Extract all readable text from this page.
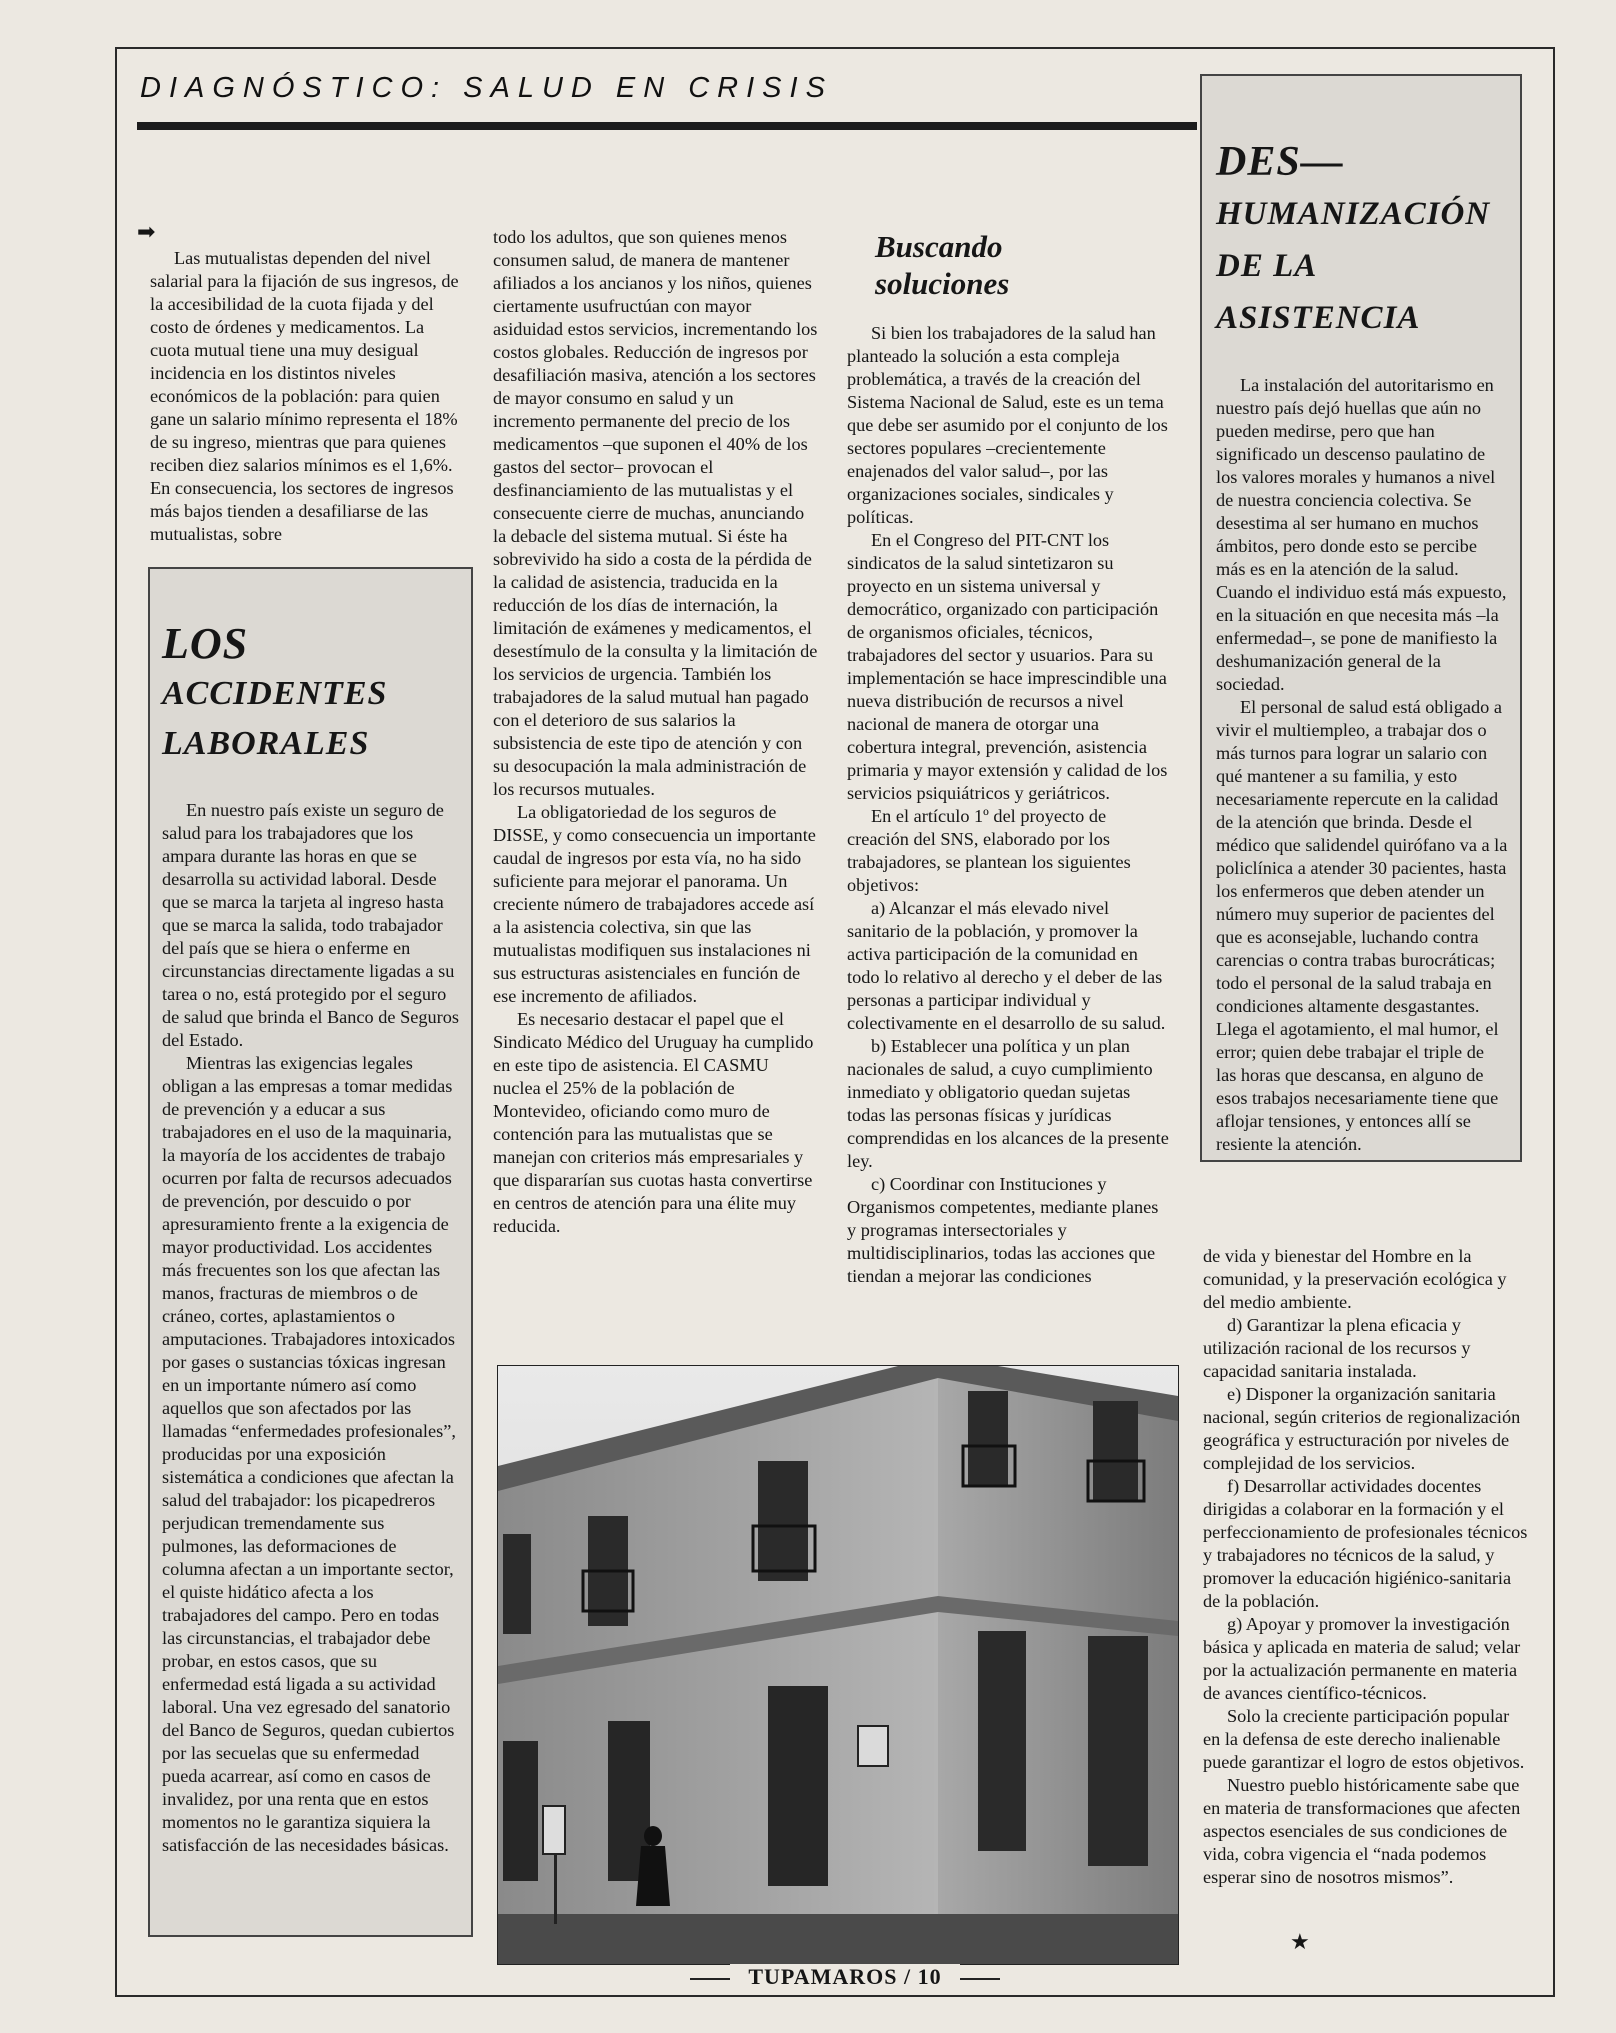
DIAGNÓSTICO: SALUD EN CRISIS
➡

Las mutualistas dependen del nivel salarial para la fijación de sus ingresos, de la accesibilidad de la cuota fijada y del costo de órdenes y medicamentos. La cuota mutual tiene una muy desigual incidencia en los distintos niveles económicos de la población: para quien gane un salario mínimo representa el 18% de su ingreso, mientras que para quienes reciben diez salarios mínimos es el 1,6%. En consecuencia, los sectores de ingresos más bajos tienden a desafiliarse de las mutualistas, sobre

LOS
ACCIDENTES
LABORALES

En nuestro país existe un seguro de salud para los trabajadores que los ampara durante las horas en que se desarrolla su actividad laboral. Desde que se marca la tarjeta al ingreso hasta que se marca la salida, todo trabajador del país que se hiera o enferme en circunstancias directamente ligadas a su tarea o no, está protegido por el seguro de salud que brinda el Banco de Seguros del Estado.

Mientras las exigencias legales obligan a las empresas a tomar medidas de prevención y a educar a sus trabajadores en el uso de la maquinaria, la mayoría de los accidentes de trabajo ocurren por falta de recursos adecuados de prevención, por descuido o por apresuramiento frente a la exigencia de mayor productividad. Los accidentes más frecuentes son los que afectan las manos, fracturas de miembros o de cráneo, cortes, aplastamientos o amputaciones. Trabajadores intoxicados por gases o sustancias tóxicas ingresan en un importante número así como aquellos que son afectados por las llamadas “enfermedades profesionales”, producidas por una exposición sistemática a condiciones que afectan la salud del trabajador: los picapedreros perjudican tremendamente sus pulmones, las deformaciones de columna afectan a un importante sector, el quiste hidático afecta a los trabajadores del campo. Pero en todas las circunstancias, el trabajador debe probar, en estos casos, que su enfermedad está ligada a su actividad laboral. Una vez egresado del sanatorio del Banco de Seguros, quedan cubiertos por las secuelas que su enfermedad pueda acarrear, así como en casos de invalidez, por una renta que en estos momentos no le garantiza siquiera la satisfacción de las necesidades básicas.

todo los adultos, que son quienes menos consumen salud, de manera de mantener afiliados a los ancianos y los niños, quienes ciertamente usufructúan con mayor asiduidad estos servicios, incrementando los costos globales. Reducción de ingresos por desafiliación masiva, atención a los sectores de mayor consumo en salud y un incremento permanente del precio de los medicamentos –que suponen el 40% de los gastos del sector– provocan el desfinanciamiento de las mutualistas y el consecuente cierre de muchas, anunciando la debacle del sistema mutual. Si éste ha sobrevivido ha sido a costa de la pérdida de la calidad de asistencia, traducida en la reducción de los días de internación, la limitación de exámenes y medicamentos, el desestímulo de la consulta y la limitación de los servicios de urgencia. También los trabajadores de la salud mutual han pagado con el deterioro de sus salarios la subsistencia de este tipo de atención y con su desocupación la mala administración de los recursos mutuales.

La obligatoriedad de los seguros de DISSE, y como consecuencia un importante caudal de ingresos por esta vía, no ha sido suficiente para mejorar el panorama. Un creciente número de trabajadores accede así a la asistencia colectiva, sin que las mutualistas modifiquen sus instalaciones ni sus estructuras asistenciales en función de ese incremento de afiliados.

Es necesario destacar el papel que el Sindicato Médico del Uruguay ha cumplido en este tipo de asistencia. El CASMU nuclea el 25% de la población de Montevideo, oficiando como muro de contención para las mutualistas que se manejan con criterios más empresariales y que dispararían sus cuotas hasta convertirse en centros de atención para una élite muy reducida.

Buscando
soluciones

Si bien los trabajadores de la salud han planteado la solución a esta compleja problemática, a través de la creación del Sistema Nacional de Salud, este es un tema que debe ser asumido por el conjunto de los sectores populares –crecientemente enajenados del valor salud–, por las organizaciones sociales, sindicales y políticas.

En el Congreso del PIT-CNT los sindicatos de la salud sintetizaron su proyecto en un sistema universal y democrático, organizado con participación de organismos oficiales, técnicos, trabajadores del sector y usuarios. Para su implementación se hace imprescindible una nueva distribución de recursos a nivel nacional de manera de otorgar una cobertura integral, prevención, asistencia primaria y mayor extensión y calidad de los servicios psiquiátricos y geriátricos.

En el artículo 1º del proyecto de creación del SNS, elaborado por los trabajadores, se plantean los siguientes objetivos:

a) Alcanzar el más elevado nivel sanitario de la población, y promover la activa participación de la comunidad en todo lo relativo al derecho y el deber de las personas a participar individual y colectivamente en el desarrollo de su salud.

b) Establecer una política y un plan nacionales de salud, a cuyo cumplimiento inmediato y obligatorio quedan sujetas todas las personas físicas y jurídicas comprendidas en los alcances de la presente ley.

c) Coordinar con Instituciones y Organismos competentes, mediante planes y programas intersectoriales y multidisciplinarios, todas las acciones que tiendan a mejorar las condiciones

DES—
HUMANIZACIÓN
DE LA
ASISTENCIA

La instalación del autoritarismo en nuestro país dejó huellas que aún no pueden medirse, pero que han significado un descenso paulatino de los valores morales y humanos a nivel de nuestra conciencia colectiva. Se desestima al ser humano en muchos ámbitos, pero donde esto se percibe más es en la atención de la salud. Cuando el individuo está más expuesto, en la situación en que necesita más –la enfermedad–, se pone de manifiesto la deshumanización general de la sociedad.

El personal de salud está obligado a vivir el multiempleo, a trabajar dos o más turnos para lograr un salario con qué mantener a su familia, y esto necesariamente repercute en la calidad de la atención que brinda. Desde el médico que salidendel quirófano va a la policlínica a atender 30 pacientes, hasta los enfermeros que deben atender un número muy superior de pacientes del que es aconsejable, luchando contra carencias o contra trabas burocráticas; todo el personal de la salud trabaja en condiciones altamente desgastantes. Llega el agotamiento, el mal humor, el error; quien debe trabajar el triple de las horas que descansa, en alguno de esos trabajos necesariamente tiene que aflojar tensiones, y entonces allí se resiente la atención.

de vida y bienestar del Hombre en la comunidad, y la preservación ecológica y del medio ambiente.

d) Garantizar la plena eficacia y utilización racional de los recursos y capacidad sanitaria instalada.

e) Disponer la organización sanitaria nacional, según criterios de regionalización geográfica y estructuración por niveles de complejidad de los servicios.

f) Desarrollar actividades docentes dirigidas a colaborar en la formación y el perfeccionamiento de profesionales técnicos y trabajadores no técnicos de la salud, y promover la educación higiénico-sanitaria de la población.

g) Apoyar y promover la investigación básica y aplicada en materia de salud; velar por la actualización permanente en materia de avances científico-técnicos.

Solo la creciente participación popular en la defensa de este derecho inalienable puede garantizar el logro de estos objetivos.

Nuestro pueblo históricamente sabe que en materia de transformaciones que afecten aspectos esenciales de sus condiciones de vida, cobra vigencia el “nada podemos esperar sino de nosotros mismos”.

★
TUPAMAROS / 10
